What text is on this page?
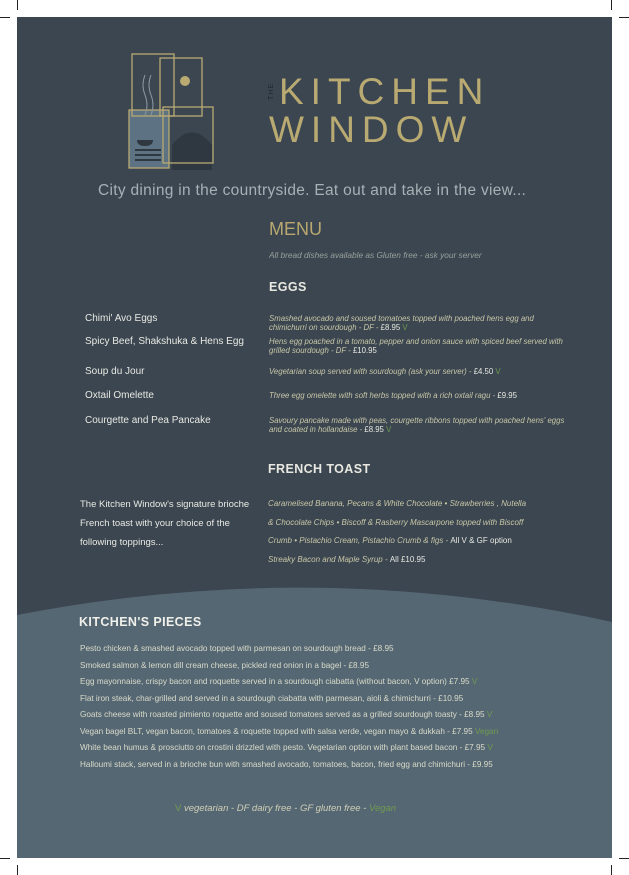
THE KITCHEN
WINDOW
City dining in the countryside. Eat out and take in the view...
MENU
All bread dishes available as Gluten free - ask your server
EGGS
Chimi' Avo Eggs	Smashed avocado and soused tomatoes topped with poached hens egg and chimichurri on sourdough - DF - £8.95 V
Spicy Beef, Shakshuka & Hens Egg	Hens egg poached in a tomato, pepper and onion sauce with spiced beef served with grilled sourdough - DF - £10.95
Soup du Jour	Vegetarian soup served with sourdough (ask your server) - £4.50 V
Oxtail Omelette	Three egg omelette with soft herbs topped with a rich oxtail ragu - £9.95
Courgette and Pea Pancake	Savoury pancake made with peas, courgette ribbons topped with poached hens' eggs and coated in hollandaise - £8.95 V
FRENCH TOAST
The Kitchen Window's signature brioche French toast with your choice of the following toppings...
Caramelised Banana, Pecans & White Chocolate • Strawberries , Nutella
& Chocolate Chips • Biscoff & Rasberry Mascarpone topped with Biscoff
Crumb • Pistachio Cream, Pistachio Crumb & figs - All V & GF option
Streaky Bacon and Maple Syrup - All £10.95
KITCHEN'S PIECES
Pesto chicken & smashed avocado topped with parmesan on sourdough bread - £8.95
Smoked salmon & lemon dill cream cheese, pickled red onion in a bagel - £8.95
Egg mayonnaise, crispy bacon and roquette served in a sourdough ciabatta (without bacon, V option) £7.95 V
Flat iron steak, char-grilled and served in a sourdough ciabatta with parmesan, aioli & chimichurri - £10.95
Goats cheese with roasted pimiento roquette and soused tomatoes served as a grilled sourdough toasty - £8.95 V
Vegan bagel BLT, vegan bacon, tomatoes & roquette topped with salsa verde, vegan mayo & dukkah - £7.95 Vegan
White bean humus & prosciutto on crostini drizzled with pesto. Vegetarian option with plant based bacon - £7.95 V
Halloumi stack, served in a brioche bun with smashed avocado, tomatoes, bacon, fried egg and chimichuri - £9.95
V vegetarian - DF dairy free - GF gluten free - Vegan
